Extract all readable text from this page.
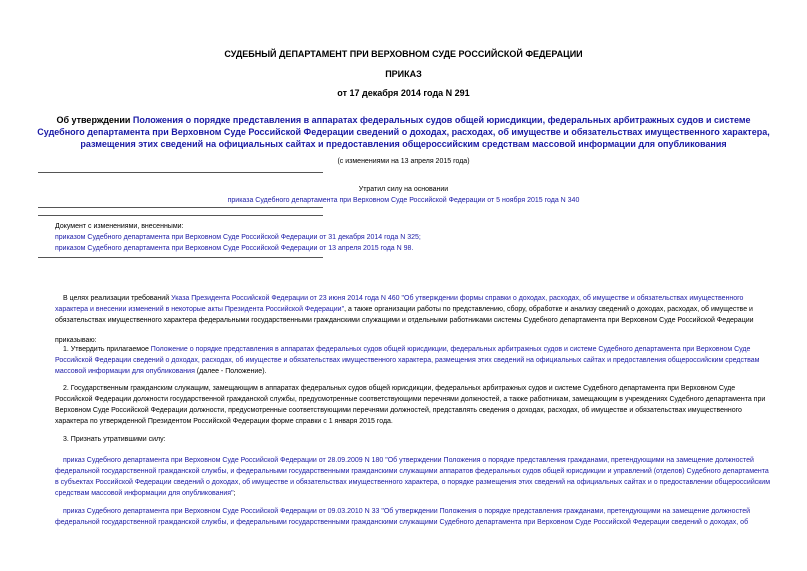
СУДЕБНЫЙ ДЕПАРТАМЕНТ ПРИ ВЕРХОВНОМ СУДЕ РОССИЙСКОЙ ФЕДЕРАЦИИ
ПРИКАЗ
от 17 декабря 2014 года N 291
Об утверждении Положения о порядке представления в аппаратах федеральных судов общей юрисдикции, федеральных арбитражных судов и системе
Судебного департамента при Верховном Суде Российской Федерации сведений о доходах, расходах, об имуществе и обязательствах имущественного характера,
размещения этих сведений на официальных сайтах и предоставления общероссийским средствам массовой информации для опубликования
(с изменениями на 13 апреля 2015 года)
Утратил силу на основании
приказа Судебного департамента при Верховном Суде Российской Федерации от 5 ноября 2015 года N 340
Документ с изменениями, внесенными:
приказом Судебного департамента при Верховном Суде Российской Федерации от 31 декабря 2014 года N 325;
приказом Судебного департамента при Верховном Суде Российской Федерации от 13 апреля 2015 года N 98.
В целях реализации требований Указа Президента Российской Федерации от 23 июня 2014 года N 460 "Об утверждении формы справки о доходах, расходах, об имуществе и обязательствах имущественного
характера и внесении изменений в некоторые акты Президента Российской Федерации", а также организации работы по представлению, сбору, обработке и анализу сведений о доходах, расходах, об имуществе и
обязательствах имущественного характера федеральными государственными гражданскими служащими и отдельными работниками системы Судебного департамента при Верховном Суде Российской Федерации
приказываю:
1. Утвердить прилагаемое Положение о порядке представления в аппаратах федеральных судов общей юрисдикции, федеральных арбитражных судов и системе Судебного департамента при Верховном Суде
Российской Федерации сведений о доходах, расходах, об имуществе и обязательствах имущественного характера, размещения этих сведений на официальных сайтах и предоставления общероссийским средствам
массовой информации для опубликования (далее - Положение).
2. Государственным гражданским служащим, замещающим в аппаратах федеральных судов общей юрисдикции, федеральных арбитражных судов и системе Судебного департамента при Верховном Суде
Российской Федерации должности государственной гражданской службы, предусмотренные соответствующими перечнями должностей, а также работникам, замещающим в учреждениях Судебного департамента при
Верховном Суде Российской Федерации должности, предусмотренные соответствующими перечнями должностей, представлять сведения о доходах, расходах, об имуществе и обязательствах имущественного
характера по утвержденной Президентом Российской Федерации форме справки с 1 января 2015 года.
3. Признать утратившими силу:
приказ Судебного департамента при Верховном Суде Российской Федерации от 28.09.2009 N 180 "Об утверждении Положения о порядке представления гражданами, претендующими на замещение должностей
федеральной государственной гражданской службы, и федеральными государственными гражданскими служащими аппаратов федеральных судов общей юрисдикции и управлений (отделов) Судебного департамента
в субъектах Российской Федерации сведений о доходах, об имуществе и обязательствах имущественного характера, о порядке размещения этих сведений на официальных сайтах и о предоставлении общероссийским
средствам массовой информации для опубликования";
приказ Судебного департамента при Верховном Суде Российской Федерации от 09.03.2010 N 33 "Об утверждении Положения о порядке представления гражданами, претендующими на замещение должностей
федеральной государственной гражданской службы, и федеральными государственными гражданскими служащими Судебного департамента при Верховном Суде Российской Федерации сведений о доходах, об
